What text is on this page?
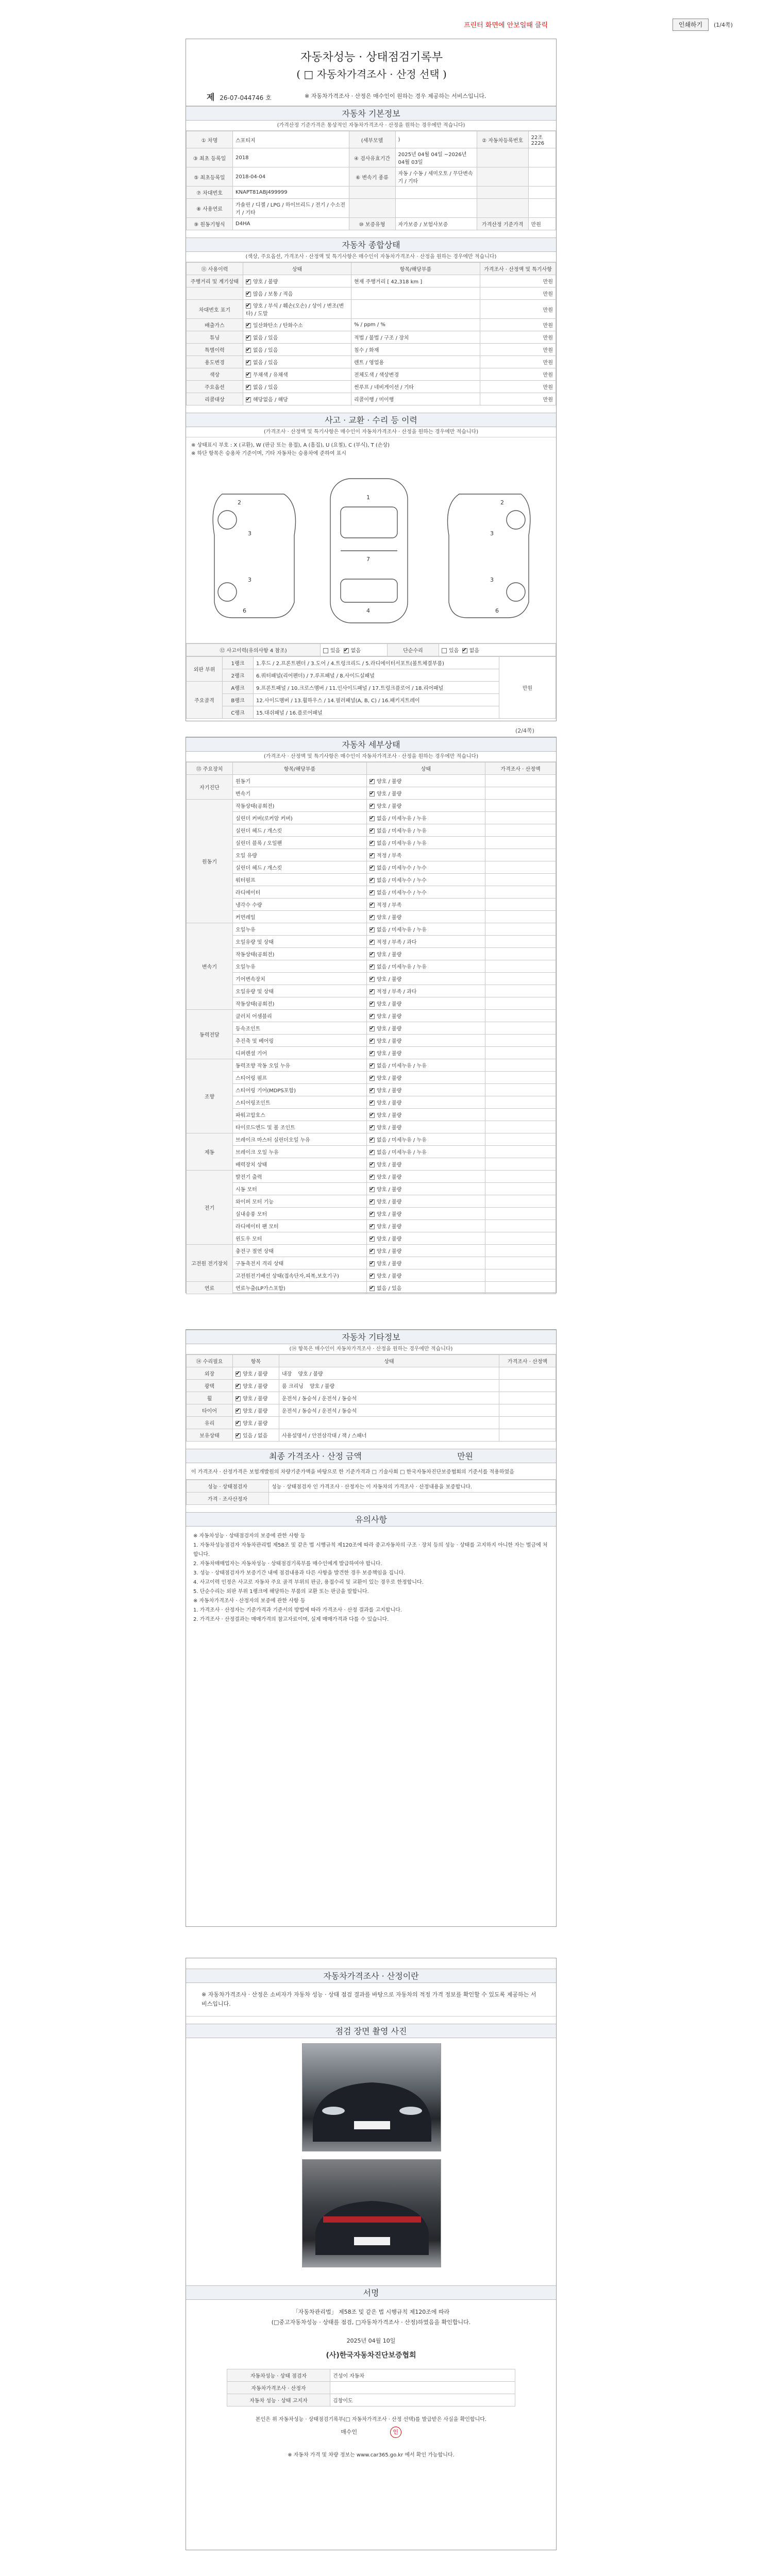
프린터 화면에 안보일때 클릭	인쇄하기	(1/4쪽)
자동차성능 · 상태점검기록부
( □ 자동차가격조사 · 산정 선택 )
제 26-07-044746 호	※ 자동차가격조사 · 산정은 매수인이 원하는 경우 제공하는 서비스입니다.
자동차 기본정보
(가격산정 기준가격은 통상적인 자동차가격조사 · 산정을 원하는 경우에만 적습니다)
① 차명	스포티지	(세부모델	)	② 자동차등록번호	22조2226
③ 최초 등록일	2018	④ 검사유효기간	2025년 04월 04일 ~2026년 04월 03일		
⑤ 최초등록일	2018-04-04	⑥ 변속기 종류	자동 / 수동 / 세미오토 / 무단변속기 / 기타		
⑦ 차대번호	KNAPT81ABJ499999				
⑧ 사용연료	가솔린 / 디젤 / LPG / 하이브리드 / 전기 / 수소전기 / 기타				
⑨ 원동기형식	D4HA	⑩ 보증유형	자가보증 / 보험사보증	가격산정 기준가격	만원
자동차 종합상태
(색상, 주요옵션, 가격조사 · 산정액 및 특기사항은 매수인이 자동차가격조사 · 산정을 원하는 경우에만 적습니다)
⑪ 사용이력	상태	항목/해당부품	가격조사 · 산정액 및 특기사항
주행거리 및 계기상태	✔양호 / 불량	현재 주행거리 [ 42,318 km ]	만원
	✔많음 / 보통 / 적음		만원
차대번호 표기	✔양호 / 부식 / 훼손(오손) / 상이 / 변조(변타) / 도말		만원
배출가스	✔일산화탄소 / 탄화수소	% / ppm / %	만원
튜닝	✔없음 / 있음	적법 / 불법 / 구조 / 장치	만원
특별이력	✔없음 / 있음	침수 / 화재	만원
용도변경	✔없음 / 있음	렌트 / 영업용	만원
색상	✔무채색 / 유채색	전체도색 / 색상변경	만원
주요옵션	✔없음 / 있음	썬루프 / 네비게이션 / 기타	만원
리콜대상	✔해당없음 / 해당	리콜이행 / 미이행	만원
사고 · 교환 · 수리 등 이력
(가격조사 · 산정액 및 특기사항은 매수인이 자동차가격조사 · 산정을 원하는 경우에만 적습니다)
※ 상태표시 부호 : X (교환), W (판금 또는 용접), A (흠집), U (요철), C (부식), T (손상)
※ 하단 항목은 승용차 기준이며, 기타 자동차는 승용차에 준하여 표시
1
7
4
3
3
3
3
2	2
6	6
⑫ 사고이력(유의사항 4 참조)	있음 ✔ 없음	단순수리	있음 ✔ 없음
외판 부위	1랭크	1.후드 / 2.프론트펜더 / 3.도어 / 4.트렁크리드 / 5.라디에이터서포트(볼트체결부품)	만원
	2랭크	6.쿼터패널(리어펜더) / 7.루프패널 / 8.사이드실패널	
주요골격	A랭크	9.프론트패널 / 10.크로스멤버 / 11.인사이드패널 / 17.트렁크플로어 / 18.리어패널	
	B랭크	12.사이드멤버 / 13.휠하우스 / 14.필러패널(A, B, C) / 16.패키지트레이	
	C랭크	15.대쉬패널 / 16.플로어패널	
(2/4쪽)
자동차 세부상태
(가격조사 · 산정액 및 특기사항은 매수인이 자동차가격조사 · 산정을 원하는 경우에만 적습니다)
⑬ 주요장치	항목/해당부품	상태	가격조사 · 산정액
자기진단	원동기	✔양호 / 불량	
	변속기	✔양호 / 불량	
원동기	작동상태(공회전)	✔양호 / 불량	
	실린더 커버(로커암 커버)	✔없음 / 미세누유 / 누유	
	실린더 헤드 / 개스킷	✔없음 / 미세누유 / 누유	
	실린더 블록 / 오일팬	✔없음 / 미세누유 / 누유	
	오일 유량	✔적정 / 부족	
	실린더 헤드 / 개스킷	✔없음 / 미세누수 / 누수	
	워터펌프	✔없음 / 미세누수 / 누수	
	라디에이터	✔없음 / 미세누수 / 누수	
	냉각수 수량	✔적정 / 부족	
	커먼레일	✔양호 / 불량	
변속기	오일누유	✔없음 / 미세누유 / 누유	
	오일유량 및 상태	✔적정 / 부족 / 과다	
	작동상태(공회전)	✔양호 / 불량	
	오일누유	✔없음 / 미세누유 / 누유	
	기어변속장치	✔양호 / 불량	
	오일유량 및 상태	✔적정 / 부족 / 과다	
	작동상태(공회전)	✔양호 / 불량	
동력전달	클러치 어셈블리	✔양호 / 불량	
	등속조인트	✔양호 / 불량	
	추진축 및 베어링	✔양호 / 불량	
	디퍼렌셜 기어	✔양호 / 불량	
조향	동력조향 작동 오일 누유	✔없음 / 미세누유 / 누유	
	스티어링 펌프	✔양호 / 불량	
	스티어링 기어(MDPS포함)	✔양호 / 불량	
	스티어링조인트	✔양호 / 불량	
	파워고압호스	✔양호 / 불량	
	타이로드엔드 및 볼 조인트	✔양호 / 불량	
제동	브레이크 마스터 실린더오일 누유	✔없음 / 미세누유 / 누유	
	브레이크 오일 누유	✔없음 / 미세누유 / 누유	
	배력장치 상태	✔양호 / 불량	
전기	발전기 출력	✔양호 / 불량	
	시동 모터	✔양호 / 불량	
	와이퍼 모터 기능	✔양호 / 불량	
	실내송풍 모터	✔양호 / 불량	
	라디에이터 팬 모터	✔양호 / 불량	
	윈도우 모터	✔양호 / 불량	
고전원 전기장치	충전구 절연 상태	✔양호 / 불량	
	구동축전지 격리 상태	✔양호 / 불량	
	고전원전기배선 상태(접속단자,피복,보호기구)	✔양호 / 불량	
연료	연료누출(LP가스포함)	✔없음 / 있음	
자동차 기타정보
(⑭ 항목은 매수인이 자동차가격조사 · 산정을 원하는 경우에만 적습니다)
⑭ 수리필요	항목	상태	가격조사 · 산정액
외장	✔양호 / 불량	내장 양호 / 불량	
광택	✔양호 / 불량	룸 크리닝 양호 / 불량	
휠	✔양호 / 불량	운전석 / 동승석 / 운전석 / 동승석	
타이어	✔양호 / 불량	운전석 / 동승석 / 운전석 / 동승석	
유리	✔양호 / 불량		
보유상태	✔있음 / 없음	사용설명서 / 안전삼각대 / 잭 / 스패너	
최종 가격조사 · 산정 금액	만원
이 가격조사 · 산정가격은 보험개발원의 차량기준가액을 바탕으로 한 기준가격과 □ 기술사회 □ 한국자동차진단보증협회의 기준서를 적용하였음
성능 · 상태점검자	성능 · 상태점검자 인 가격조사 · 산정자는 이 자동차의 가격조사 · 산정내용을 보증합니다.
가격 · 조사산정자	
유의사항
※ 자동차성능 · 상태점검자의 보증에 관한 사항 등
1. 자동차성능점검자 자동차관리법 제58조 및 같은 법 시행규칙 제120조에 따라 중고자동차의 구조 · 장치 등의 성능 · 상태를 고지하지 아니한 자는 벌금에 처합니다.
2. 자동차매매업자는 자동차성능 · 상태점검기록부를 매수인에게 발급하여야 합니다.
3. 성능 · 상태점검자가 보증기간 내에 점검내용과 다른 사항을 발견한 경우 보증책임을 집니다.
4. 사고이력 인정은 사고로 자동차 주요 골격 부위의 판금, 용접수리 및 교환이 있는 경우로 한정합니다.
5. 단순수리는 외판 부위 1랭크에 해당하는 부품의 교환 또는 판금을 말합니다.
※ 자동차가격조사 · 산정자의 보증에 관한 사항 등
1. 가격조사 · 산정자는 기준가격과 기준서의 방법에 따라 가격조사 · 산정 결과를 고지합니다.
2. 가격조사 · 산정결과는 매매가격의 참고자료이며, 실제 매매가격과 다를 수 있습니다.
자동차가격조사 · 산정이란
※ 자동차가격조사 · 산정은 소비자가 자동차 성능 · 상태 점검 결과를 바탕으로 자동차의 적정 가격 정보를 확인할 수 있도록 제공하는 서비스입니다.
점검 장면 촬영 사진
서명
「자동차관리법」 제58조 및 같은 법 시행규칙 제120조에 따라
(□중고자동차성능 · 상태를 점검, □자동차가격조사 · 산정)하였음을 확인합니다.
2025년 04월 10일
(사)한국자동차진단보증협회
자동차성능 · 상태 점검자	건성이 자동차
자동차가격조사 · 산정자	
자동차 성능 · 상태 고지자	김창이도
본인은 위 자동차성능 · 상태점검기록부(□ 자동차가격조사 · 산정 선택)를 발급받은 사실을 확인합니다.
매수인	인
※ 자동차 가격 및 차량 정보는 www.car365.go.kr 에서 확인 가능합니다.
